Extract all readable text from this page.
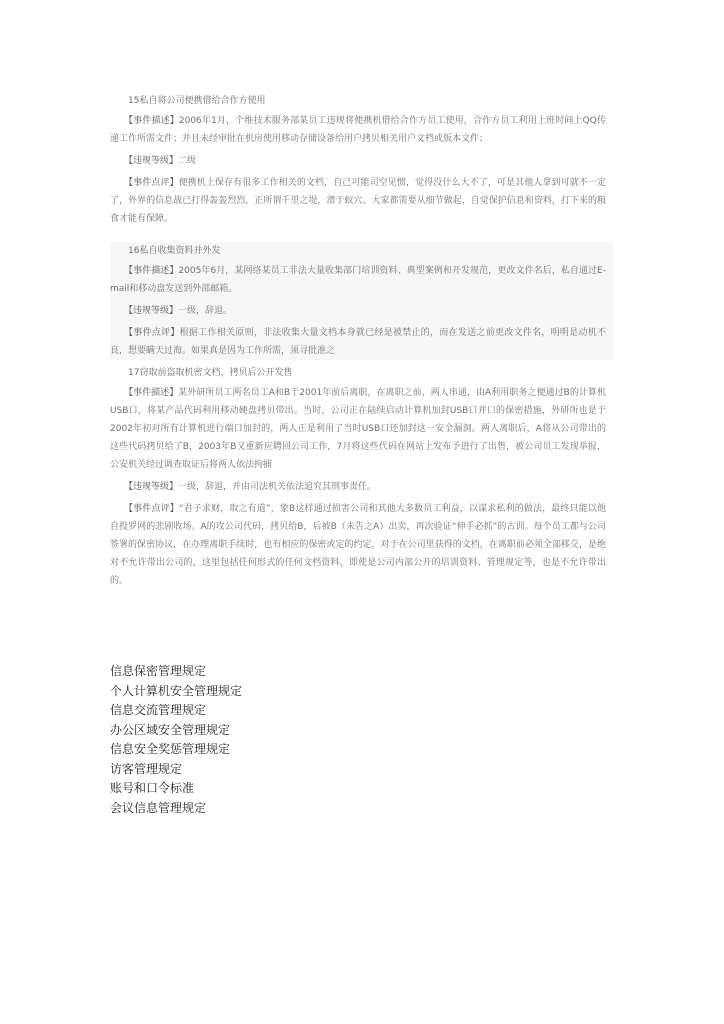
15私自将公司便携借给合作方使用
【事件描述】2006年1月，个维技术服务部某员工违规将便携机借给合作方员工使用，合作方员工利用上班时间上QQ传递工作所需文件；并且未经审批在机房使用移动存储设备给用户拷贝相关用户文档或版本文件；
【违规等级】二级
【事件点评】便携机上保存有很多工作相关的文档，自己可能司空见惯，觉得没什么大不了，可是其他人拿到可就不一定了，外界的信息战已打得轰轰烈烈，正所谓千里之堤，溃于蚁穴。大家都需要从细节做起，自觉保护信息和资料，打下来的粮食才能有保障。
16私自收集资料并外发
【事件描述】2005年6月，某网络某员工非法大量收集部门培训资料、典型案例和开发规范，更改文件名后，私自通过E-mail和移动盘发送到外部邮箱。
【违规等级】一级，辞退。
【事件点评】根据工作相关原则，非法收集大量文档本身就已经是被禁止的，而在发送之前更改文件名，明明是动机不良，想要瞒天过海。如果真是因为工作所需，须寻批准之
17窃取前盗取机密文档，拷贝后公开发售
【事件描述】某外研所员工两名员工A和B于2001年前后离职，在离职之前，两人串通，由A利用职务之便通过B的计算机USB口，将某产品代码利用移动硬盘拷贝带出。当时，公司正在陆续启动计算机加封USB口并口的保密措施，外研所也是于2002年初对所有计算机进行端口加封的，两人正是利用了当时USB口还加封这一安全漏洞。两人离职后，A将从公司带出的这些代码拷贝给了B，2003年B又重新应聘回公司工作，7月将这些代码在网站上发布予进行了出售，被公司员工发现举报，公安机关经过调查取证后将两人依法拘捕
【违规等级】一级，辞退，并由司法机关依法追究其刑事责任。
【事件点评】“君子求财，取之有道”，象B这样通过损害公司和其他大多数员工利益，以谋求私利的做法，最终只能以他自投罗网的悲剧收场。A的攻公司代码，拷贝给B，后被B（未告之A）出卖，再次验证“伸手必抓”的古训。每个员工都与公司签署的保密协议，在办理离职手续时，也有相应的保密或定的约定，对于在公司里获得的文档，在离职前必须全部移交，是绝对不允许带出公司的，这里包括任何形式的任何文档资料，即使是公司内部公开的培训资料、管理规定等，也是不允许带出的。
信息保密管理规定
个人计算机安全管理规定
信息交流管理规定
办公区域安全管理规定
信息安全奖惩管理规定
访客管理规定
账号和口令标准
会议信息管理规定
